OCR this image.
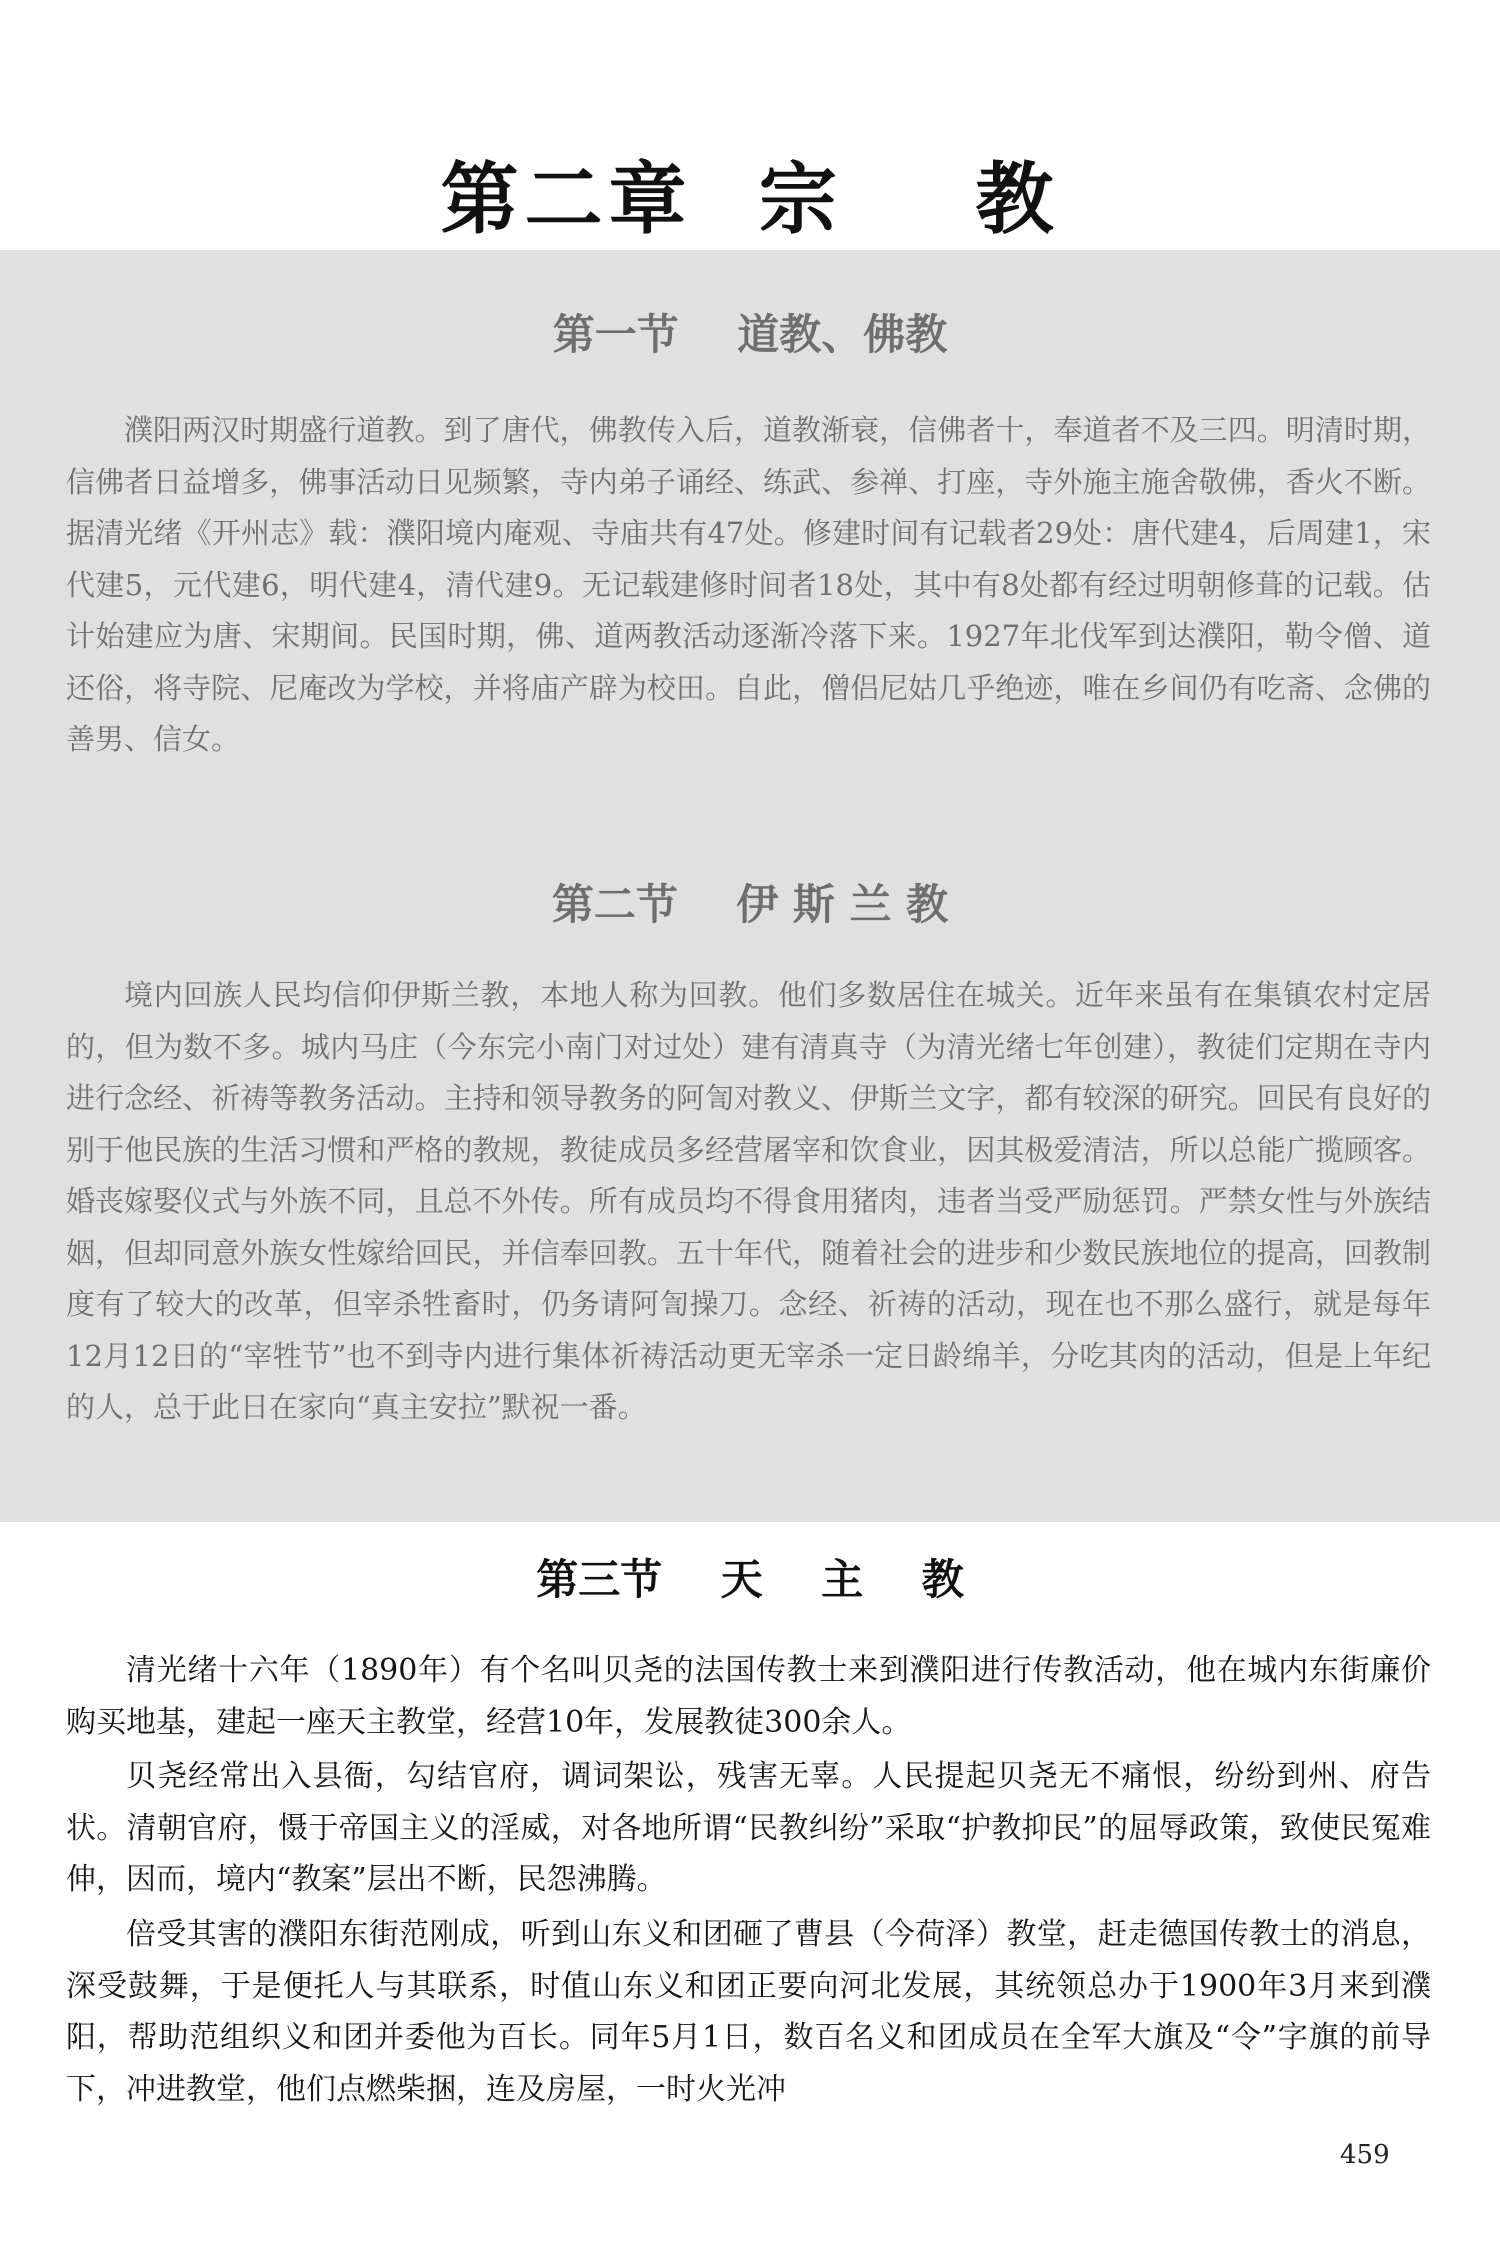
第二章  宗    教
第一节    道教、佛教

濮阳两汉时期盛行道教。到了唐代，佛教传入后，道教渐衰，信佛者十，奉道者不及三四。明清时期，信佛者日益增多，佛事活动日见频繁，寺内弟子诵经、练武、参禅、打座，寺外施主施舍敬佛，香火不断。据清光绪《开州志》载：濮阳境内庵观、寺庙共有47处。修建时间有记载者29处：唐代建4，后周建1，宋代建5，元代建6，明代建4，清代建9。无记载建修时间者18处，其中有8处都有经过明朝修葺的记载。估计始建应为唐、宋期间。民国时期，佛、道两教活动逐渐冷落下来。1927年北伐军到达濮阳，勒令僧、道还俗，将寺院、尼庵改为学校，并将庙产辟为校田。自此，僧侣尼姑几乎绝迹，唯在乡间仍有吃斋、念佛的善男、信女。

第二节    伊 斯 兰 教

境内回族人民均信仰伊斯兰教，本地人称为回教。他们多数居住在城关。近年来虽有在集镇农村定居的，但为数不多。城内马庄（今东完小南门对过处）建有清真寺（为清光绪七年创建），教徒们定期在寺内进行念经、祈祷等教务活动。主持和领导教务的阿訇对教义、伊斯兰文字，都有较深的研究。回民有良好的别于他民族的生活习惯和严格的教规，教徒成员多经营屠宰和饮食业，因其极爱清洁，所以总能广揽顾客。婚丧嫁娶仪式与外族不同，且总不外传。所有成员均不得食用猪肉，违者当受严励惩罚。严禁女性与外族结姻，但却同意外族女性嫁给回民，并信奉回教。五十年代，随着社会的进步和少数民族地位的提高，回教制度有了较大的改革，但宰杀牲畜时，仍务请阿訇操刀。念经、祈祷的活动，现在也不那么盛行，就是每年12月12日的“宰牲节”也不到寺内进行集体祈祷活动更无宰杀一定日龄绵羊，分吃其肉的活动，但是上年纪的人，总于此日在家向“真主安拉”默祝一番。

第三节    天    主    教

清光绪十六年（1890年）有个名叫贝尧的法国传教士来到濮阳进行传教活动，他在城内东街廉价购买地基，建起一座天主教堂，经营10年，发展教徒300余人。

贝尧经常出入县衙，勾结官府，调词架讼，残害无辜。人民提起贝尧无不痛恨，纷纷到州、府告状。清朝官府，慑于帝国主义的淫威，对各地所谓“民教纠纷”采取“护教抑民”的屈辱政策，致使民冤难伸，因而，境内“教案”层出不断，民怨沸腾。

倍受其害的濮阳东街范刚成，听到山东义和团砸了曹县（今荷泽）教堂，赶走德国传教士的消息，深受鼓舞，于是便托人与其联系，时值山东义和团正要向河北发展，其统领总办于1900年3月来到濮阳，帮助范组织义和团并委他为百长。同年5月1日，数百名义和团成员在全军大旗及“令”字旗的前导下，冲进教堂，他们点燃柴捆，连及房屋，一时火光冲

459
